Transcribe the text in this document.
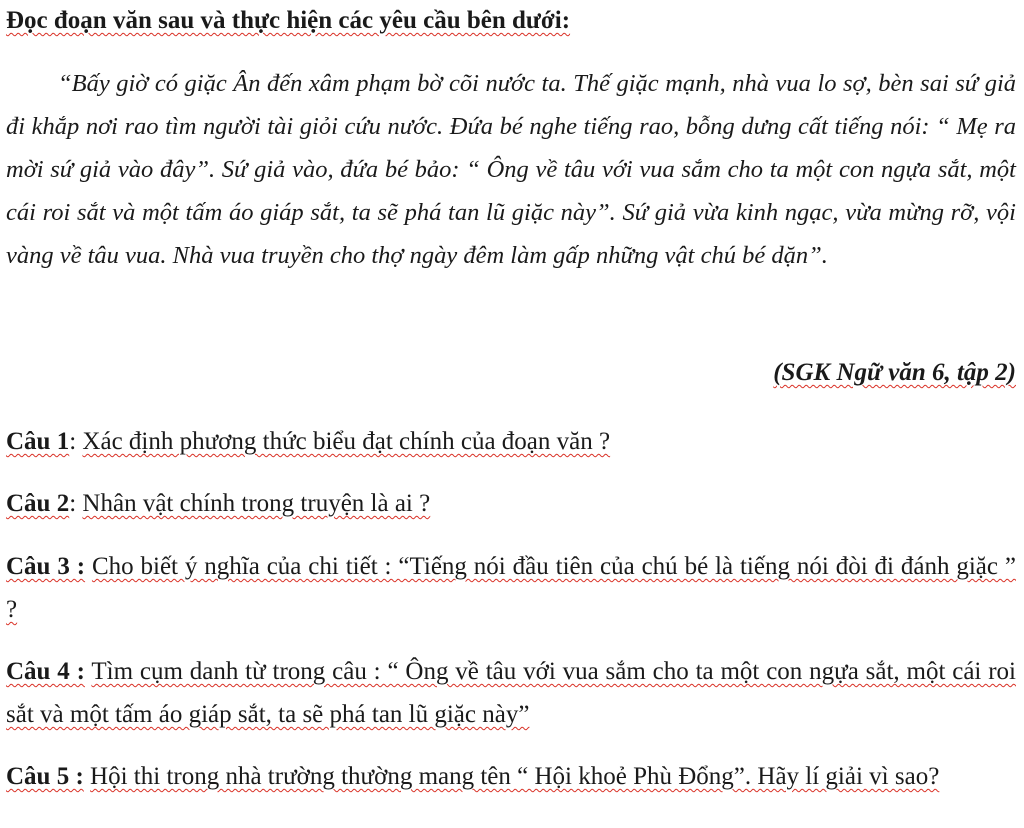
Đọc đoạn văn sau và thực hiện các yêu cầu bên dưới:

“Bấy giờ có giặc Ân đến xâm phạm bờ cõi nước ta. Thế giặc mạnh, nhà vua lo sợ, bèn sai sứ giả đi khắp nơi rao tìm người tài giỏi cứu nước. Đứa bé nghe tiếng rao, bỗng dưng cất tiếng nói: “ Mẹ ra mời sứ giả vào đây”. Sứ giả vào, đứa bé bảo: “ Ông về tâu với vua sắm cho ta một con ngựa sắt, một cái roi sắt và một tấm áo giáp sắt, ta sẽ phá tan lũ giặc này”. Sứ giả vừa kinh ngạc, vừa mừng rỡ, vội vàng về tâu vua. Nhà vua truyền cho thợ ngày đêm làm gấp những vật chú bé dặn”.

(SGK Ngữ văn 6, tập 2)

Câu 1: Xác định phương thức biểu đạt chính của đoạn văn ?

Câu 2: Nhân vật chính trong truyện là ai ?

Câu 3 : Cho biết ý nghĩa của chi tiết : “Tiếng nói đầu tiên của chú bé là tiếng nói đòi đi đánh giặc ” ?

Câu 4 : Tìm cụm danh từ trong câu : “ Ông về tâu với vua sắm cho ta một con ngựa sắt, một cái roi sắt và một tấm áo giáp sắt, ta sẽ phá tan lũ giặc này”

Câu 5 : Hội thi trong nhà trường thường mang tên “ Hội khoẻ Phù Đổng”. Hãy lí giải vì sao?
